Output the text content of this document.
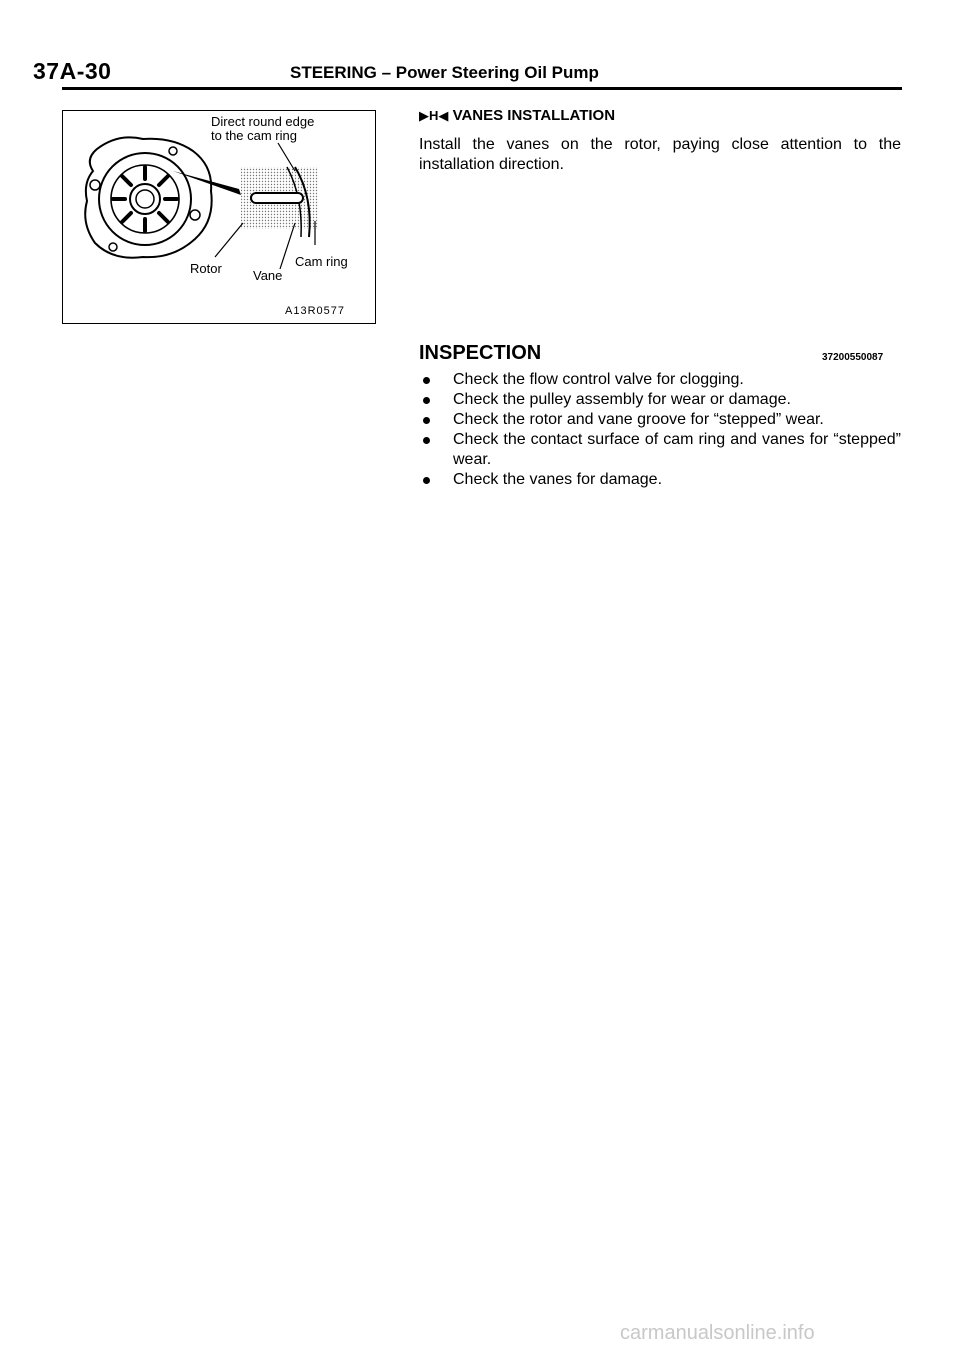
37A-30	STEERING – Power Steering Oil Pump
Direct round edge
to the cam ring
Rotor Vane
Cam ring
A13R0577
▶H◀ VANES INSTALLATION
Install the vanes on the rotor, paying close attention to the installation direction.
INSPECTION	37200550087
Check the flow control valve for clogging.
Check the pulley assembly for wear or damage.
Check the rotor and vane groove for “stepped” wear.
Check the contact surface of cam ring and vanes for “stepped” wear.
Check the vanes for damage.
carmanualsonline.info
